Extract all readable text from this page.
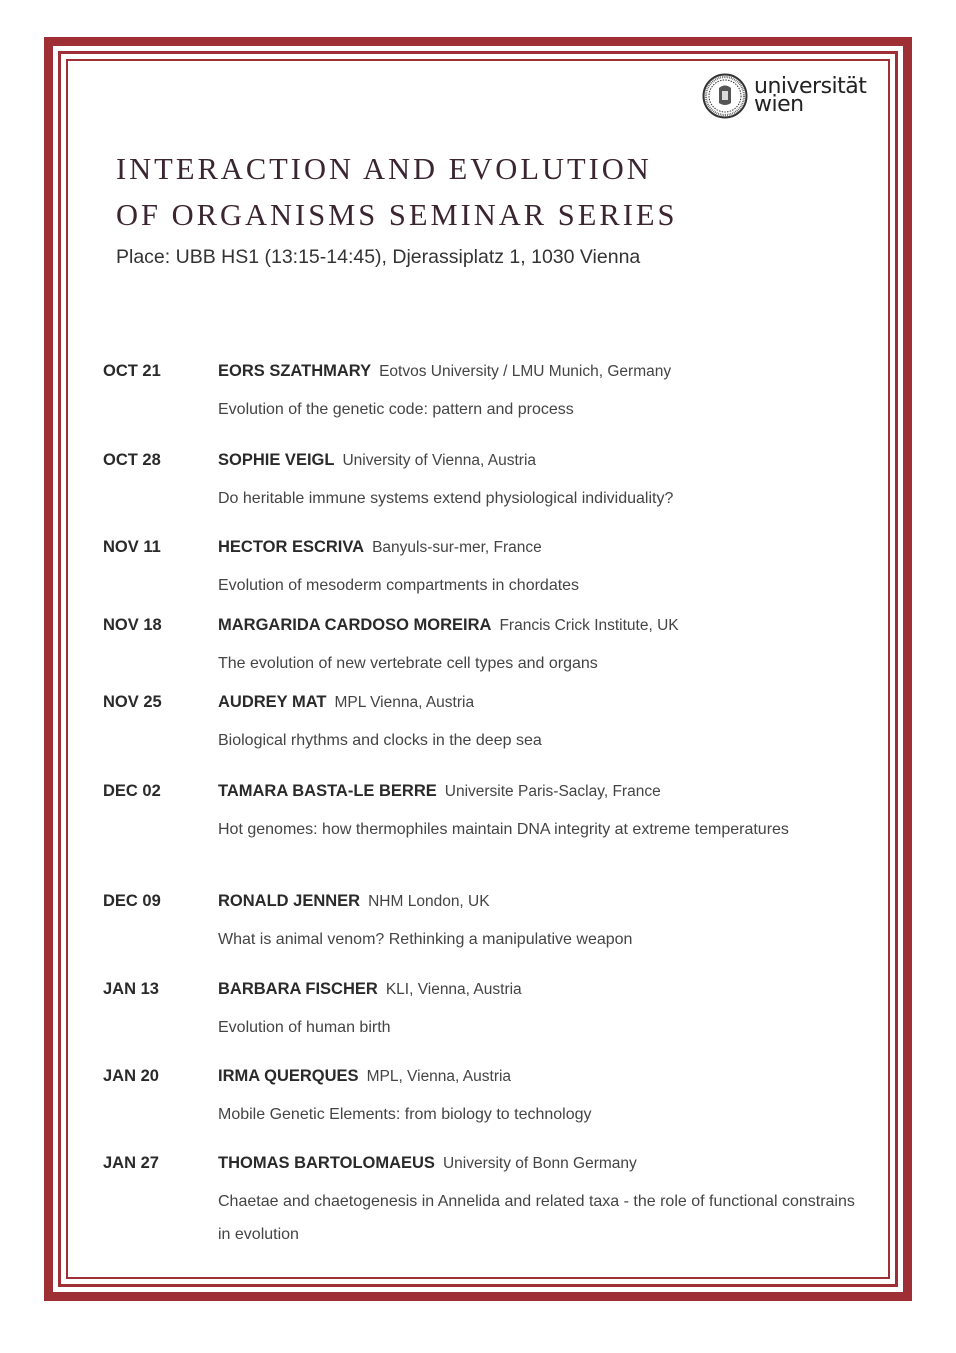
universität
wien
INTERACTION AND EVOLUTION
OF ORGANISMS SEMINAR SERIES
Place: UBB HS1 (13:15-14:45), Djerassiplatz 1, 1030 Vienna
OCT 21	EORS SZATHMARY Eotvos University / LMU Munich, Germany
Evolution of the genetic code: pattern and process
OCT 28	SOPHIE VEIGL University of Vienna, Austria
Do heritable immune systems extend physiological individuality?
NOV 11	HECTOR ESCRIVA Banyuls-sur-mer, France
Evolution of mesoderm compartments in chordates
NOV 18	MARGARIDA CARDOSO MOREIRA Francis Crick Institute, UK
The evolution of new vertebrate cell types and organs
NOV 25	AUDREY MAT MPL Vienna, Austria
Biological rhythms and clocks in the deep sea
DEC 02	TAMARA BASTA-LE BERRE Universite Paris-Saclay, France
Hot genomes: how thermophiles maintain DNA integrity at extreme temperatures
DEC 09	RONALD JENNER NHM London, UK
What is animal venom? Rethinking a manipulative weapon
JAN 13	BARBARA FISCHER KLI, Vienna, Austria
Evolution of human birth
JAN 20	IRMA QUERQUES MPL, Vienna, Austria
Mobile Genetic Elements: from biology to technology
JAN 27	THOMAS BARTOLOMAEUS University of Bonn Germany
Chaetae and chaetogenesis in Annelida and related taxa - the role of functional constrains in evolution
